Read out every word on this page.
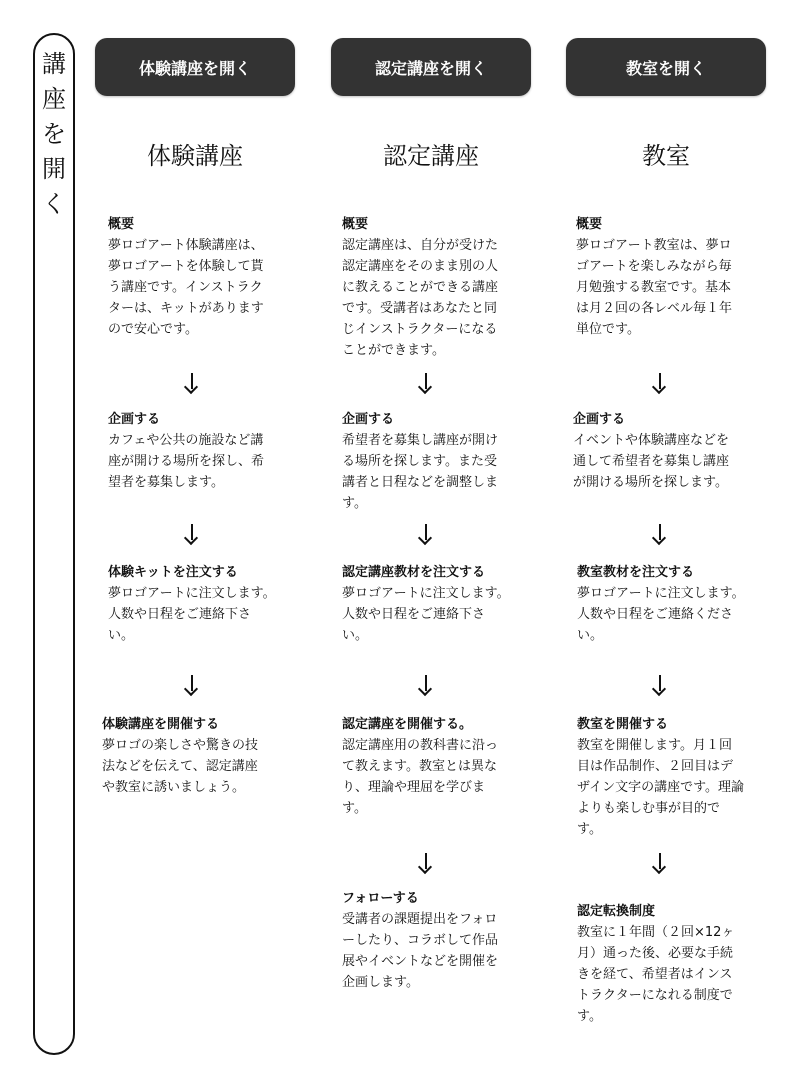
講
座
を
開
く
体験講座を開く
体験講座
概要
夢ロゴアート体験講座は、
夢ロゴアートを体験して貰
う講座です。インストラク
ターは、キットがあります
ので安心です。
企画する
カフェや公共の施設など講
座が開ける場所を探し、希
望者を募集します。
体験キットを注文する
夢ロゴアートに注文します。
人数や日程をご連絡下さ
い。
体験講座を開催する
夢ロゴの楽しさや驚きの技
法などを伝えて、認定講座
や教室に誘いましょう。
認定講座を開く
認定講座
概要
認定講座は、自分が受けた
認定講座をそのまま別の人
に教えることができる講座
です。受講者はあなたと同
じインストラクターになる
ことができます。
企画する
希望者を募集し講座が開け
る場所を探します。また受
講者と日程などを調整しま
す。
認定講座教材を注文する
夢ロゴアートに注文します。
人数や日程をご連絡下さ
い。
認定講座を開催する。
認定講座用の教科書に沿っ
て教えます。教室とは異な
り、理論や理屈を学びま
す。
フォローする
受講者の課題提出をフォロ
ーしたり、コラボして作品
展やイベントなどを開催を
企画します。
教室を開く
教室
概要
夢ロゴアート教室は、夢ロ
ゴアートを楽しみながら毎
月勉強する教室です。基本
は月２回の各レベル毎１年
単位です。
企画する
イベントや体験講座などを
通して希望者を募集し講座
が開ける場所を探します。
教室教材を注文する
夢ロゴアートに注文します。
人数や日程をご連絡くださ
い。
教室を開催する
教室を開催します。月１回
目は作品制作、２回目はデ
ザイン文字の講座です。理論
よりも楽しむ事が目的で
す。
認定転換制度
教室に１年間（２回×12ヶ
月）通った後、必要な手続
きを経て、希望者はインス
トラクターになれる制度で
す。
